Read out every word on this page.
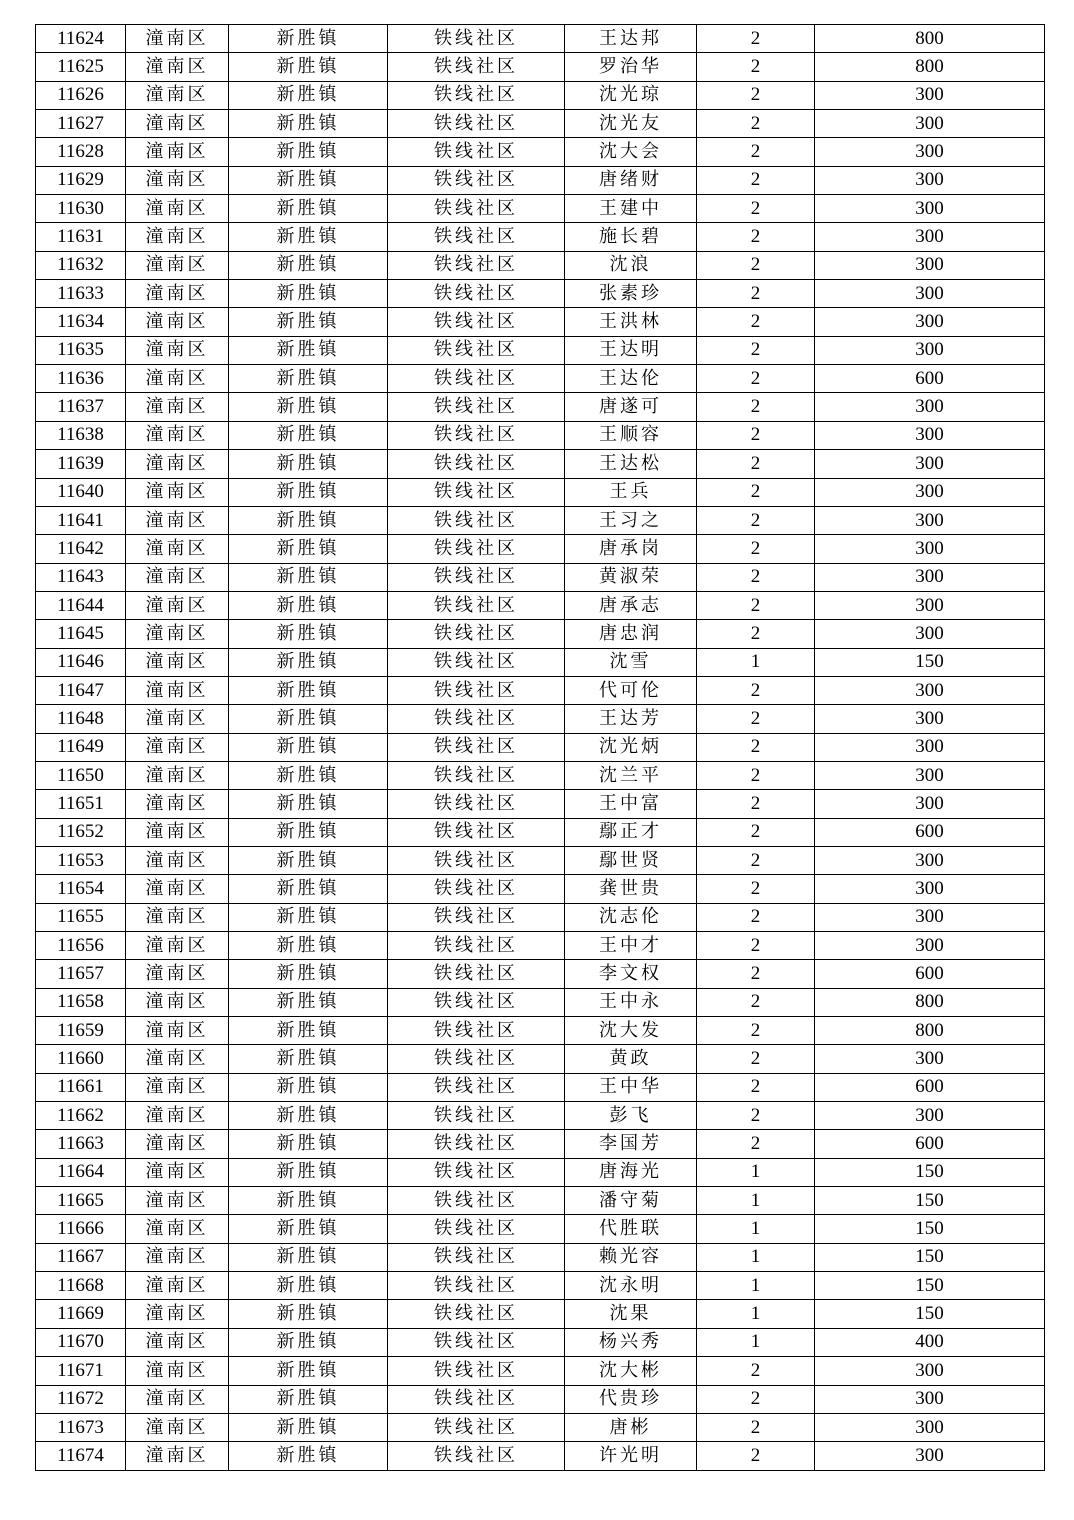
11624	潼南区	新胜镇	铁线社区	王达邦	2	800
11625	潼南区	新胜镇	铁线社区	罗治华	2	800
11626	潼南区	新胜镇	铁线社区	沈光琼	2	300
11627	潼南区	新胜镇	铁线社区	沈光友	2	300
11628	潼南区	新胜镇	铁线社区	沈大会	2	300
11629	潼南区	新胜镇	铁线社区	唐绪财	2	300
11630	潼南区	新胜镇	铁线社区	王建中	2	300
11631	潼南区	新胜镇	铁线社区	施长碧	2	300
11632	潼南区	新胜镇	铁线社区	沈浪	2	300
11633	潼南区	新胜镇	铁线社区	张素珍	2	300
11634	潼南区	新胜镇	铁线社区	王洪林	2	300
11635	潼南区	新胜镇	铁线社区	王达明	2	300
11636	潼南区	新胜镇	铁线社区	王达伦	2	600
11637	潼南区	新胜镇	铁线社区	唐遂可	2	300
11638	潼南区	新胜镇	铁线社区	王顺容	2	300
11639	潼南区	新胜镇	铁线社区	王达松	2	300
11640	潼南区	新胜镇	铁线社区	王兵	2	300
11641	潼南区	新胜镇	铁线社区	王习之	2	300
11642	潼南区	新胜镇	铁线社区	唐承岗	2	300
11643	潼南区	新胜镇	铁线社区	黄淑荣	2	300
11644	潼南区	新胜镇	铁线社区	唐承志	2	300
11645	潼南区	新胜镇	铁线社区	唐忠润	2	300
11646	潼南区	新胜镇	铁线社区	沈雪	1	150
11647	潼南区	新胜镇	铁线社区	代可伦	2	300
11648	潼南区	新胜镇	铁线社区	王达芳	2	300
11649	潼南区	新胜镇	铁线社区	沈光炳	2	300
11650	潼南区	新胜镇	铁线社区	沈兰平	2	300
11651	潼南区	新胜镇	铁线社区	王中富	2	300
11652	潼南区	新胜镇	铁线社区	鄢正才	2	600
11653	潼南区	新胜镇	铁线社区	鄢世贤	2	300
11654	潼南区	新胜镇	铁线社区	龚世贵	2	300
11655	潼南区	新胜镇	铁线社区	沈志伦	2	300
11656	潼南区	新胜镇	铁线社区	王中才	2	300
11657	潼南区	新胜镇	铁线社区	李文权	2	600
11658	潼南区	新胜镇	铁线社区	王中永	2	800
11659	潼南区	新胜镇	铁线社区	沈大发	2	800
11660	潼南区	新胜镇	铁线社区	黄政	2	300
11661	潼南区	新胜镇	铁线社区	王中华	2	600
11662	潼南区	新胜镇	铁线社区	彭飞	2	300
11663	潼南区	新胜镇	铁线社区	李国芳	2	600
11664	潼南区	新胜镇	铁线社区	唐海光	1	150
11665	潼南区	新胜镇	铁线社区	潘守菊	1	150
11666	潼南区	新胜镇	铁线社区	代胜联	1	150
11667	潼南区	新胜镇	铁线社区	赖光容	1	150
11668	潼南区	新胜镇	铁线社区	沈永明	1	150
11669	潼南区	新胜镇	铁线社区	沈果	1	150
11670	潼南区	新胜镇	铁线社区	杨兴秀	1	400
11671	潼南区	新胜镇	铁线社区	沈大彬	2	300
11672	潼南区	新胜镇	铁线社区	代贵珍	2	300
11673	潼南区	新胜镇	铁线社区	唐彬	2	300
11674	潼南区	新胜镇	铁线社区	许光明	2	300
